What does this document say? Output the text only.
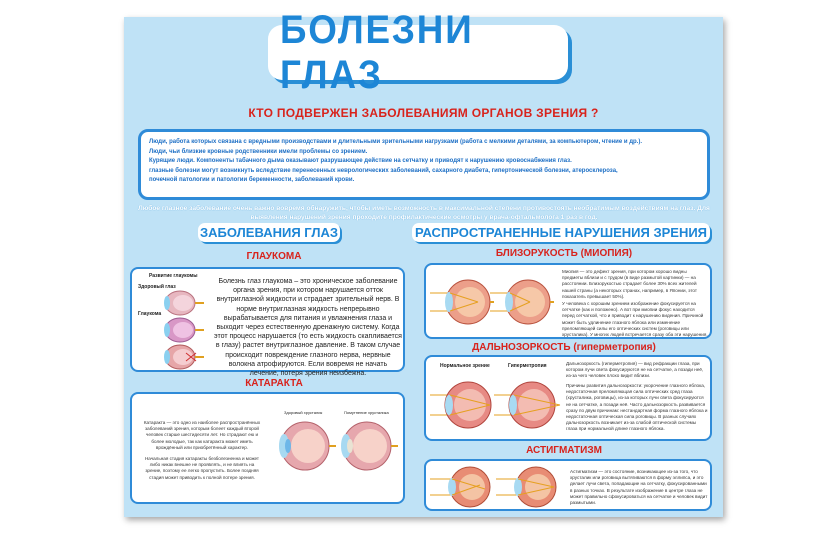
БОЛЕЗНИ ГЛАЗ
КТО ПОДВЕРЖЕН ЗАБОЛЕВАНИЯМ ОРГАНОВ ЗРЕНИЯ ?

Люди, работа которых связана с вредными производствами и длительными зрительными нагрузками (работа с мелкими деталями, за компьютером, чтение и др.).

Люди, чьи близкие кровные родственники имели проблемы со зрением.

Курящие люди. Компоненты табачного дыма оказывают разрушающее действие на сетчатку и приводят к нарушению кровоснабжения глаз.

глазные болезни могут возникнуть вследствие перенесенных неврологических заболеваний, сахарного диабета, гипертонической болезни, атеросклероза,

почечной патологии и патологии беременности, заболеваний крови.

Любое глазное заболевание очень важно вовремя обнаружить, чтобы иметь возможность в максимальной степени противостоять необратимым воздействиям на глаз. Для выявления нарушений зрения проходите профилактические осмотры у врача-офтальмолога 1 раз в год.
ЗАБОЛЕВАНИЯ ГЛАЗ	РАСПРОСТРАНЕННЫЕ НАРУШЕНИЯ ЗРЕНИЯ
ГЛАУКОМА
Развитие глаукомы
Здоровый глаз
Глаукома
Болезнь глаз глаукома – это хроническое заболевание органа зрения, при котором нарушается отток внутриглазной жидкости и страдает зрительный нерв. В норме внутриглазная жидкость непрерывно вырабатывается для питания и увлажнения глаза и выходит через естественную дренажную систему. Когда этот процесс нарушается (то есть жидкость скапливается в глазу) растет внутриглазное давление. В таком случае происходит повреждение глазного нерва, нервные волокна атрофируются. Если вовремя не начать лечение, потеря зрения неизбежна.
КАТАРАКТА
Катаракта — это одно из наиболее распространённых заболеваний зрения, которым болеет каждый второй человек старше шестидесяти лет. Но страдают ею и более молодые, так как катаракта может иметь врождённый или приобретённый характер.
Начальная стадия катаракты безболезненна и может либо никак внешне не проявлять, и не влиять на зрение, поэтому ее легко пропустить. Более поздняя стадия может приводить к полной потере зрения.
Здоровый хрусталик	Помутнение хрусталика
БЛИЗОРУКОСТЬ (МИОПИЯ)
Миопия — это дефект зрения, при котором хорошо видны предметы вблизи и с трудом (в виде размытой картинки) — на расстоянии. Близорукостью страдает более 30% всех жителей нашей страны (а некоторых странах, например, в Японии, этот показатель превышает 50%).
У человека с хорошим зрением изображение фокусируется на сетчатке (как и положено). А вот при миопии фокус находится перед сетчаткой, что и приводит к нарушению видения. Причиной может быть удлинение глазного яблока или изменение преломляющей силы его оптических систем (роговицы или хрусталика). У многих людей встречается сразу оба эти нарушения.
ДАЛЬНОЗОРКОСТЬ (гиперметропия)
Нормальное зрение	Гиперметропия	Дальнозоркость (гиперметропия) — вид рефракции глаза, при котором лучи света фокусируются не на сетчатке, а позади неё, из-за чего человек плохо видит вблизи.
Причины развития дальнозоркости: укорочение глазного яблока, недостаточная преломляющая сила оптических сред глаза (хрусталика, роговицы), из-за которых лучи света фокусируются не на сетчатке, а позади неё. Часто дальнозоркость развивается сразу по двум причинам: нестандартная форма глазного яблока и недостаточная оптическая сила роговицы. В разных случаях дальнозоркость возникает из-за слабой оптической системы глаза при нормальной длине глазного яблока.
АСТИГМАТИЗМ
Астигматизм — это состояние, возникающее из-за того, что хрусталик или роговица вытягиваются в форму эллипса, и это делает лучи света, попадающие на сетчатку, фокусированными в разных точках. В результате изображение в центре глаза не может правильно сфокусироваться на сетчатке и человек видит размытыми.
